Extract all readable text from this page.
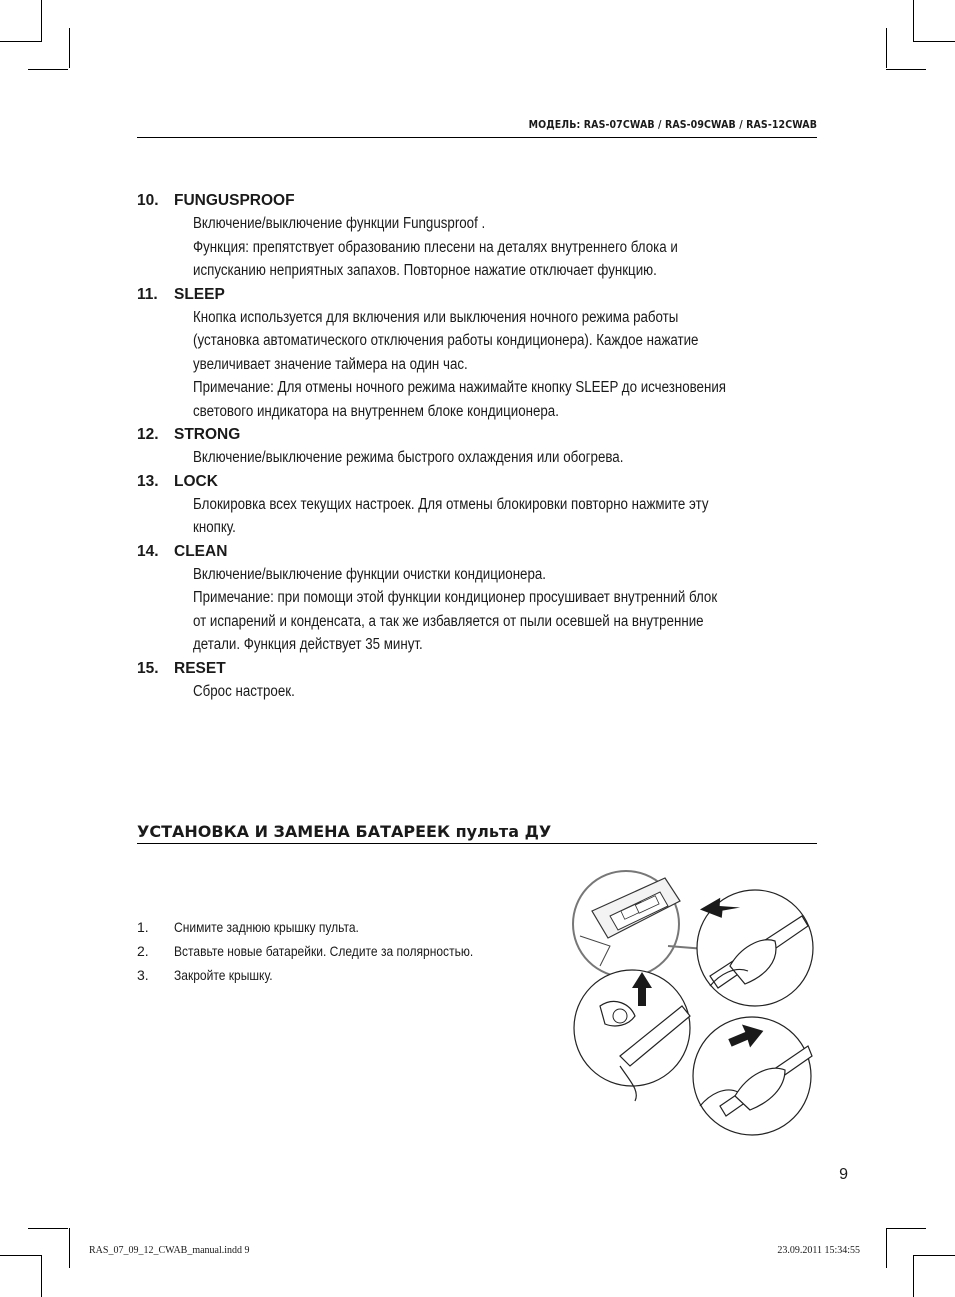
МОДЕЛЬ: RAS-07CWAB / RAS-09CWAB / RAS-12CWAB
10. FUNGUSPROOF

Включение/выключение функции Fungusproof .

Функция: препятствует образованию плесени на деталях внутреннего блока и

испусканию неприятных запахов. Повторное нажатие отключает функцию.

11.	SLEEP

Кнопка используется для включения или выключения ночного режима работы

(установка автоматического отключения работы кондиционера). Каждое нажатие

увеличивает значение таймера на один час.

Примечание: Для отмены ночного режима нажимайте кнопку SLEEP до исчезновения

светового индикатора на внутреннем блоке кондиционера.

12. STRONG

Включение/выключение режима быстрого охлаждения или обогрева.

13. LOCK

Блокировка всех текущих настроек. Для отмены блокировки повторно нажмите эту

кнопку.

14. CLEAN

Включение/выключение функции очистки кондиционера.

Примечание: при помощи этой функции кондиционер просушивает внутренний блок

от испарений и конденсата, а так же избавляется от пыли осевшей на внутренние

детали. Функция действует 35 минут.

15. RESET

Сброс настроек.

УСТАНОВКА И ЗАМЕНА БАТАРЕЕК пульта ДУ
1.	Снимите заднюю крышку пульта.
2.	Вставьте новые батарейки. Следите за полярностью.
3.	Закройте крышку.
9
RAS_07_09_12_CWAB_manual.indd 9	23.09.2011 15:34:55
